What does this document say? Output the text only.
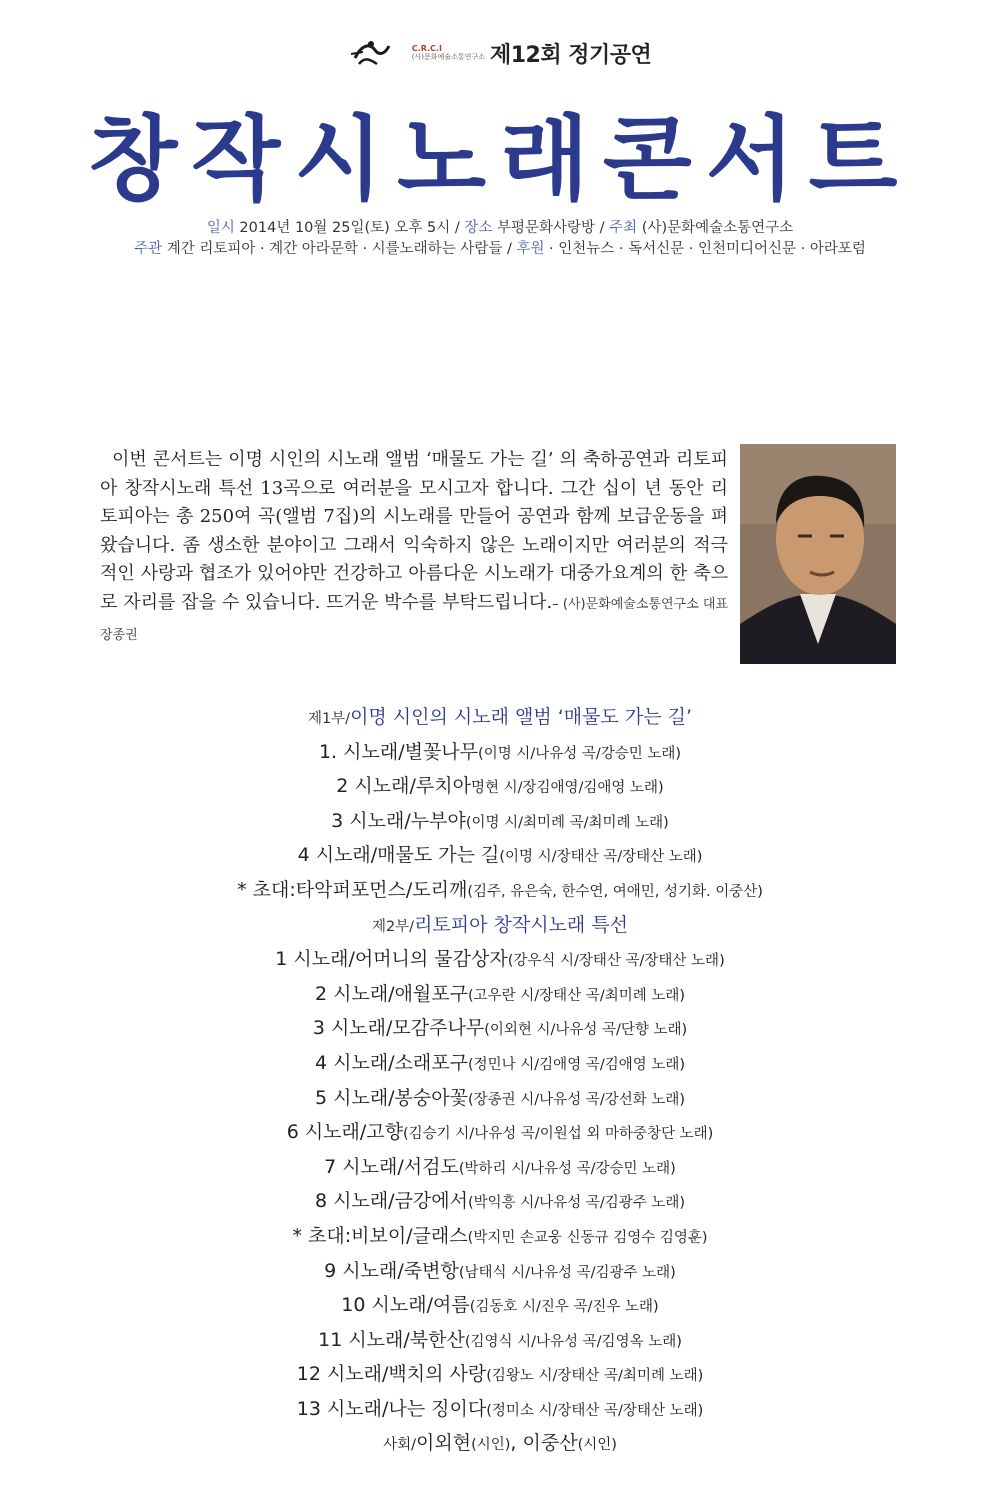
C.R.C.I
(사)문화예술소통연구소 제12회 정기공연
창작시노래콘서트
일시 2014년 10월 25일(토) 오후 5시 / 장소 부평문화사랑방 / 주최 (사)문화예술소통연구소
주관 계간 리토피아 · 계간 아라문학 · 시를노래하는 사람들 / 후원 · 인천뉴스 · 독서신문 · 인천미디어신문 · 아라포럼
이번 콘서트는 이명 시인의 시노래 앨범 ‘매물도 가는 길’ 의 축하공연과 리토피아 창작시노래 특선 13곡으로 여러분을 모시고자 합니다. 그간 십이 년 동안 리토피아는 총 250여 곡(앨범 7집)의 시노래를 만들어 공연과 함께 보급운동을 펴왔습니다. 좀 생소한 분야이고 그래서 익숙하지 않은 노래이지만 여러분의 적극적인 사랑과 협조가 있어야만 건강하고 아름다운 시노래가 대중가요계의 한 축으로 자리를 잡을 수 있습니다. 뜨거운 박수를 부탁드립니다.– (사)문화예술소통연구소 대표 장종권
제1부/이명 시인의 시노래 앨범 ‘매물도 가는 길’
1. 시노래/별꽃나무(이명 시/나유성 곡/강승민 노래)
2 시노래/루치아명현 시/장김애영/김애영 노래)
3 시노래/누부야(이명 시/최미례 곡/최미례 노래)
4 시노래/매물도 가는 길(이명 시/장태산 곡/장태산 노래)
* 초대:타악퍼포먼스/도리깨(김주, 유은숙, 한수연, 여애민, 성기화. 이중산)
제2부/리토피아 창작시노래 특선
1 시노래/어머니의 물감상자(강우식 시/장태산 곡/장태산 노래)
2 시노래/애월포구(고우란 시/장태산 곡/최미례 노래)
3 시노래/모감주나무(이외현 시/나유성 곡/단향 노래)
4 시노래/소래포구(정민나 시/김애영 곡/김애영 노래)
5 시노래/봉숭아꽃(장종권 시/나유성 곡/강선화 노래)
6 시노래/고향(김승기 시/나유성 곡/이원섭 외 마하중창단 노래)
7 시노래/서검도(박하리 시/나유성 곡/강승민 노래)
8 시노래/금강에서(박익흥 시/나유성 곡/김광주 노래)
* 초대:비보이/글래스(박지민 손교웅 신동규 김영수 김영훈)
9 시노래/죽변항(남태식 시/나유성 곡/김광주 노래)
10 시노래/여름(김동호 시/진우 곡/진우 노래)
11 시노래/북한산(김영식 시/나유성 곡/김영옥 노래)
12 시노래/백치의 사랑(김왕노 시/장태산 곡/최미례 노래)
13 시노래/나는 징이다(정미소 시/장태산 곡/장태산 노래)
사회/이외현(시인), 이중산(시인)
